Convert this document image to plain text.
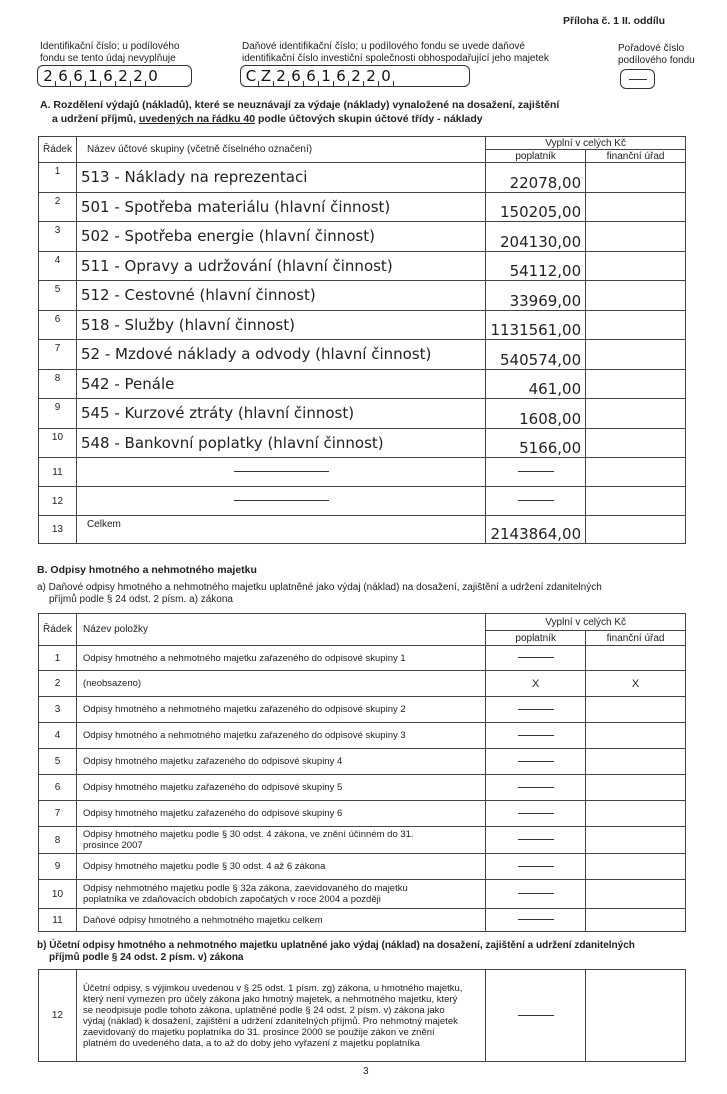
Příloha č. 1 II. oddílu
Identifikační číslo; u podílového
fondu se tento údaj nevyplňuje
2 6 6 1 6 2 2 0
Daňové identifikační číslo; u podílového fondu se uvede daňové
identifikační číslo investiční společnosti obhospodařující jeho majetek
C Z 2 6 6 1 6 2 2 0
Pořadové číslo
podílového fondu
A. Rozdělení výdajů (nákladů), které se neuznávají za výdaje (náklady) vynaložené na dosažení, zajištění
a udržení příjmů, uvedených na řádku 40 podle účtových skupin účtové třídy - náklady
Řádek	Název účtové skupiny (včetně číselného označení)	Vyplní v celých Kč	
		poplatník	finanční úřad
1	513 - Náklady na reprezentaci	22078,00	
2	501 - Spotřeba materiálu (hlavní činnost)	150205,00	
3	502 - Spotřeba energie (hlavní činnost)	204130,00	
4	511 - Opravy a udržování (hlavní činnost)	54112,00	
5	512 - Cestovné (hlavní činnost)	33969,00	
6	518 - Služby (hlavní činnost)	1131561,00	
7	52 - Mzdové náklady a odvody (hlavní činnost)	540574,00	
8	542 - Penále	461,00	
9	545 - Kurzové ztráty (hlavní činnost)	1608,00	
10	548 - Bankovní poplatky (hlavní činnost)	5166,00	
11			
12			
13	Celkem	2143864,00	
B. Odpisy hmotného a nehmotného majetku
a) Daňové odpisy hmotného a nehmotného majetku uplatněné jako výdaj (náklad) na dosažení, zajištění a udržení zdanitelných
příjmů podle § 24 odst. 2 písm. a) zákona
Řádek	Název položky	Vyplní v celých Kč	
		poplatník	finanční úřad
1	Odpisy hmotného a nehmotného majetku zařazeného do odpisové skupiny 1		
2	(neobsazeno)	X	X
3	Odpisy hmotného a nehmotného majetku zařazeného do odpisové skupiny 2		
4	Odpisy hmotného a nehmotného majetku zařazeného do odpisové skupiny 3		
5	Odpisy hmotného majetku zařazeného do odpisové skupiny 4		
6	Odpisy hmotného majetku zařazeného do odpisové skupiny 5		
7	Odpisy hmotného majetku zařazeného do odpisové skupiny 6		
8	Odpisy hmotného majetku podle § 30 odst. 4 zákona, ve znění účinném do 31. prosince 2007		
9	Odpisy hmotného majetku podle § 30 odst. 4 až 6 zákona		
10	Odpisy nehmotného majetku podle § 32a zákona, zaevidovaného do majetku poplatníka ve zdaňovacích obdobích započatých v roce 2004 a později		
11	Daňové odpisy hmotného a nehmotného majetku celkem		
b) Účetní odpisy hmotného a nehmotného majetku uplatněné jako výdaj (náklad) na dosažení, zajištění a udržení zdanitelných
příjmů podle § 24 odst. 2 písm. v) zákona
12	Účetní odpisy, s výjimkou uvedenou v § 25 odst. 1 písm. zg) zákona, u hmotného majetku, který není vymezen pro účely zákona jako hmotný majetek, a nehmotného majetku, který se neodpisuje podle tohoto zákona, uplatněné podle § 24 odst. 2 písm. v) zákona jako výdaj (náklad) k dosažení, zajištění a udržení zdanitelných příjmů. Pro nehmotný majetek zaevidovaný do majetku poplatníka do 31. prosince 2000 se použije zákon ve znění platném do uvedeného data, a to až do doby jeho vyřazení z majetku poplatníka		
3
